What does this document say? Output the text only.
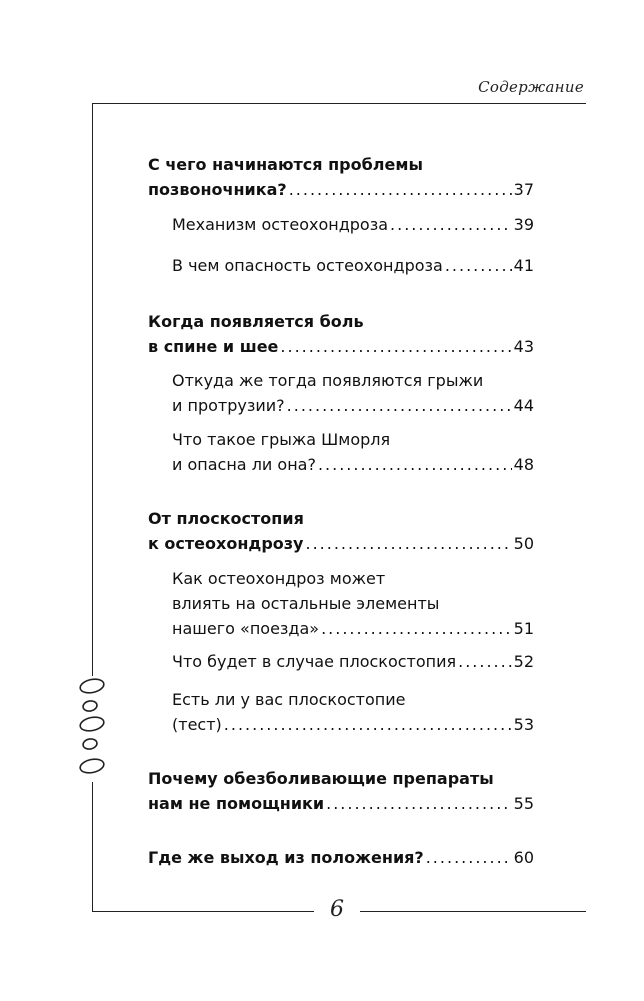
Содержание
С чего начинаются проблемы
позвоночника? .....	37
Механизм остеохондроза .....	39
В чем опасность остеохондроза .....	41
Когда появляется боль
в спине и шее .....	43
Откуда же тогда появляются грыжи
и протрузии? .....	44
Что такое грыжа Шморля
и опасна ли она? .....	48
От плоскостопия
к остеохондрозу .....	50
Как остеохондроз может
влиять на остальные элементы
нашего «поезда» .....	51
Что будет в случае плоскостопия .....	52
Есть ли у вас плоскостопие
(тест) .....	53
Почему обезболивающие препараты
нам не помощники .....	55
Где же выход из положения? .....	60
6
